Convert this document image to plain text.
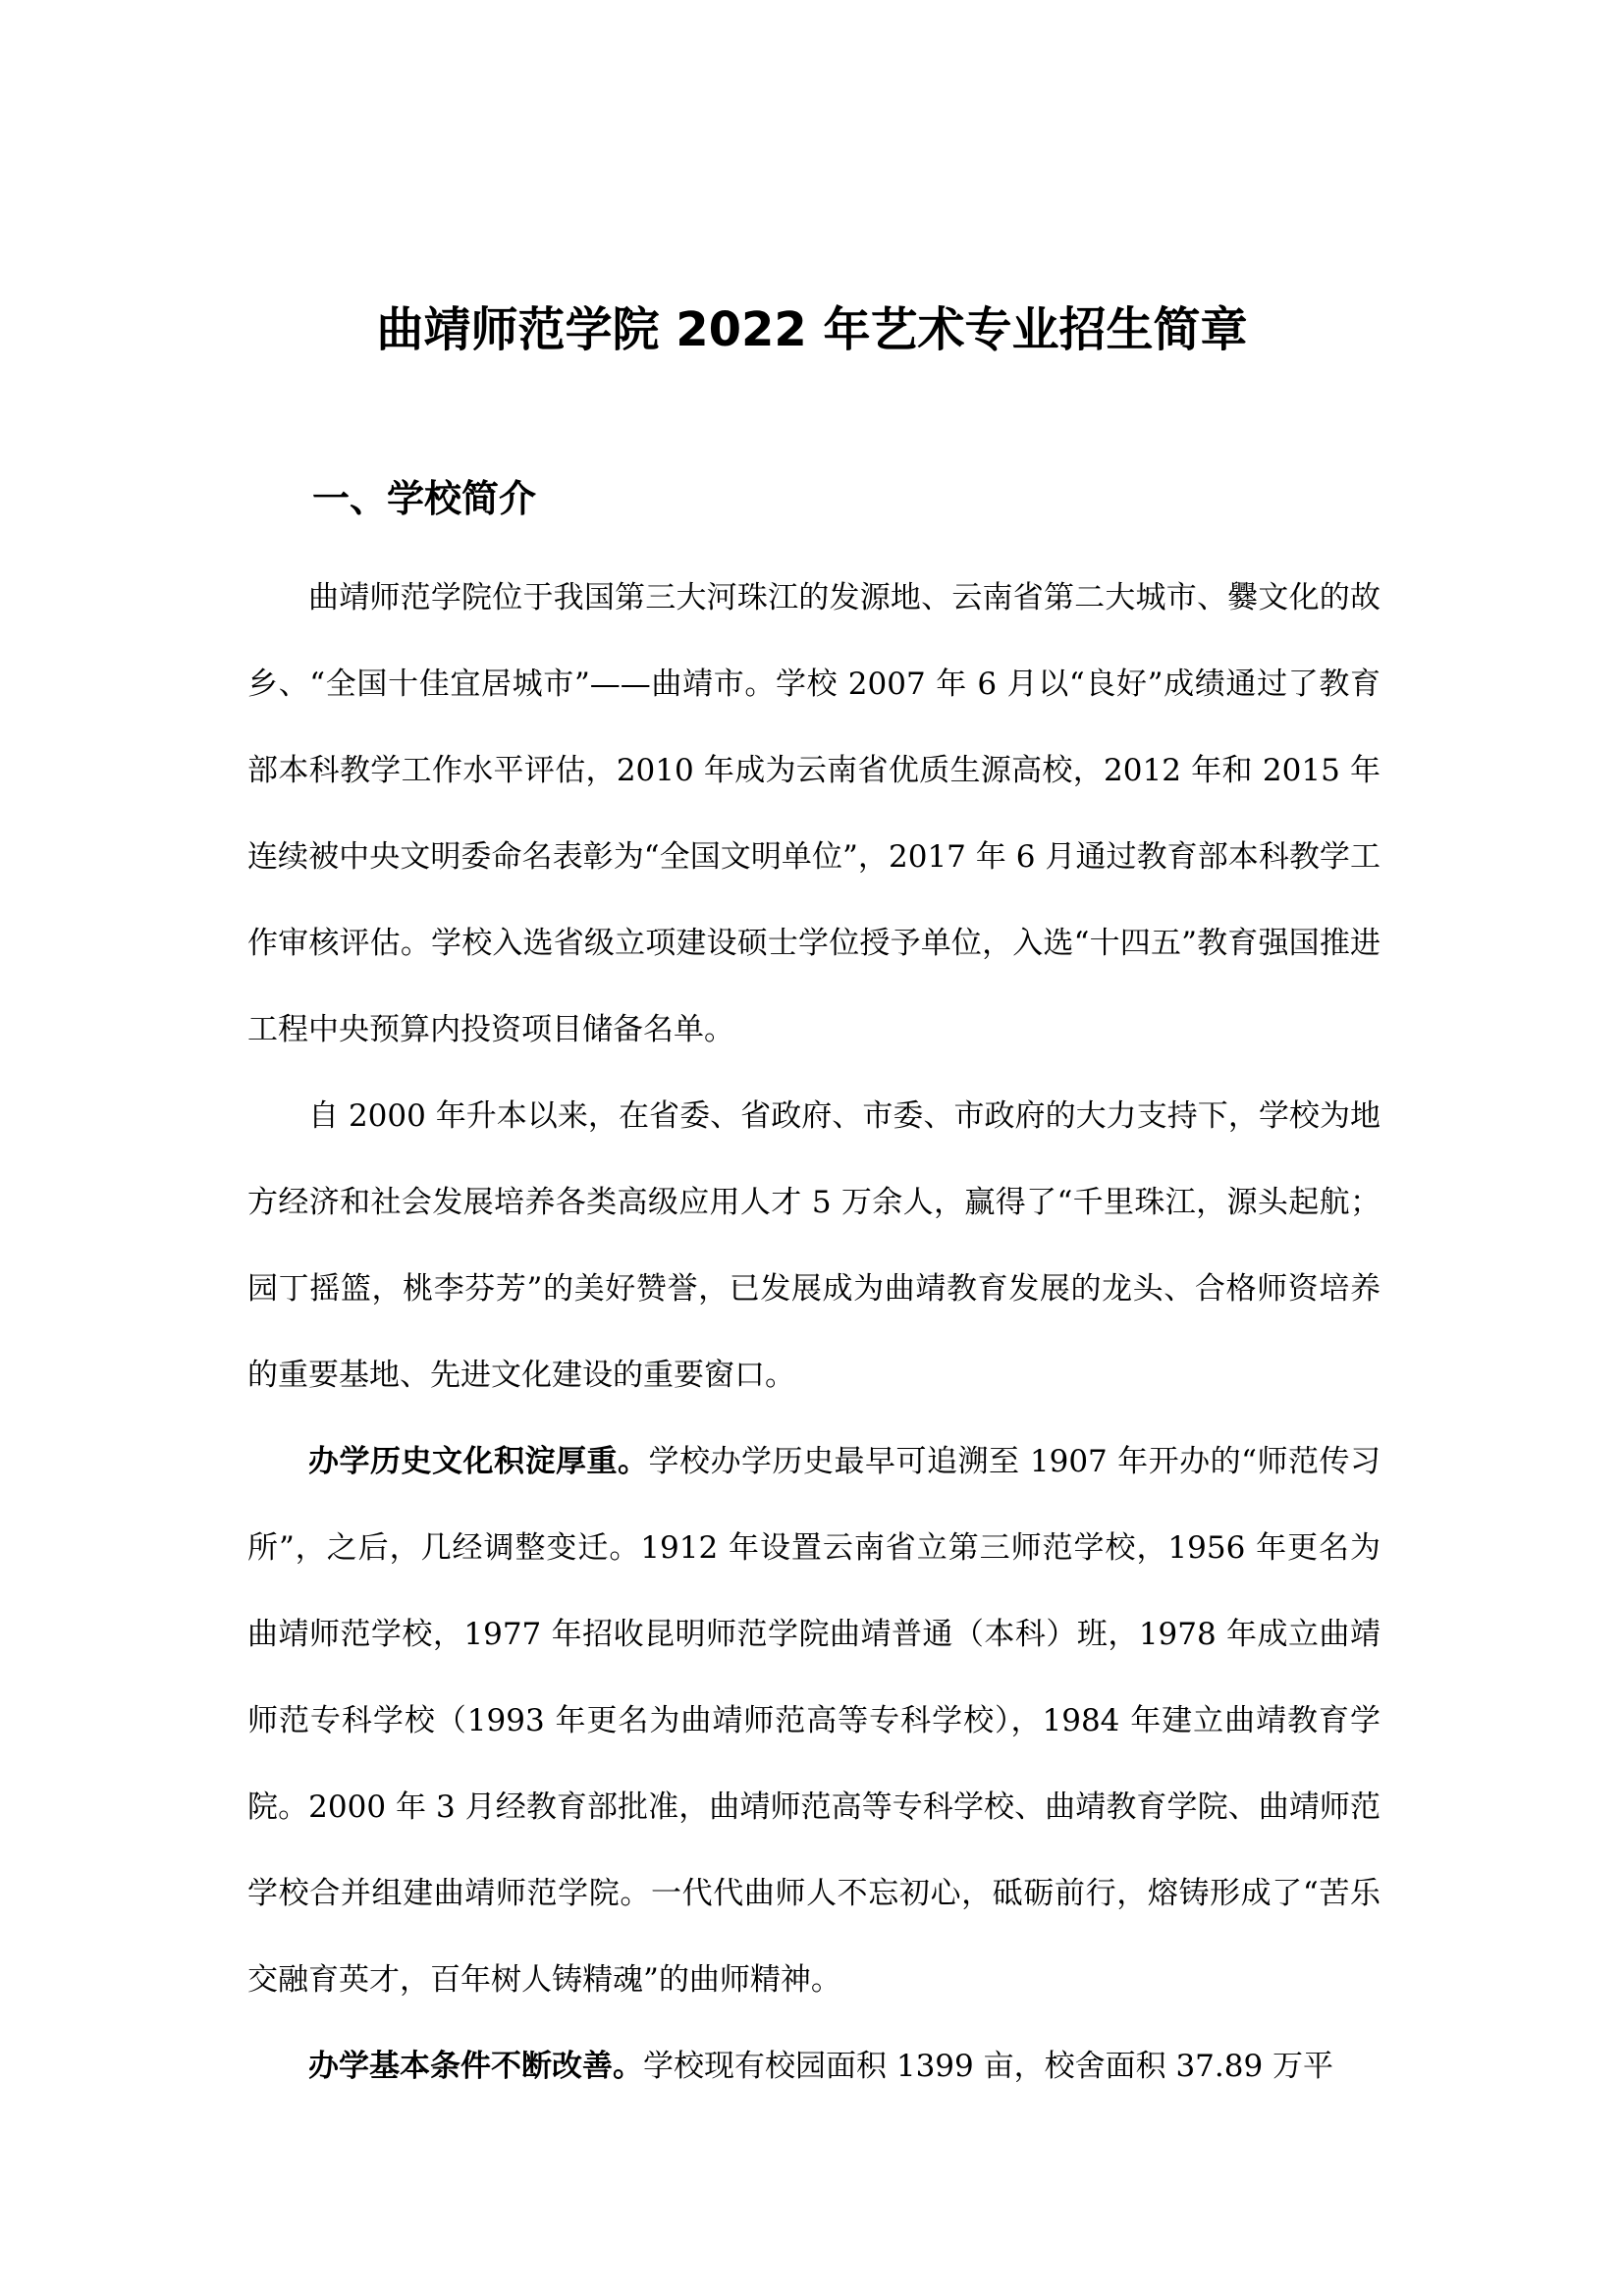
曲靖师范学院 2022 年艺术专业招生简章
一、学校简介

曲靖师范学院位于我国第三大河珠江的发源地、云南省第二大城市、爨文化的故乡、“全国十佳宜居城市”——曲靖市。学校 2007 年 6 月以“良好”成绩通过了教育部本科教学工作水平评估，2010 年成为云南省优质生源高校，2012 年和 2015 年连续被中央文明委命名表彰为“全国文明单位”，2017 年 6 月通过教育部本科教学工作审核评估。学校入选省级立项建设硕士学位授予单位，入选“十四五”教育强国推进工程中央预算内投资项目储备名单。

自 2000 年升本以来，在省委、省政府、市委、市政府的大力支持下，学校为地方经济和社会发展培养各类高级应用人才 5 万余人，赢得了“千里珠江，源头起航；园丁摇篮，桃李芬芳”的美好赞誉，已发展成为曲靖教育发展的龙头、合格师资培养的重要基地、先进文化建设的重要窗口。

办学历史文化积淀厚重。学校办学历史最早可追溯至 1907 年开办的“师范传习所”，之后，几经调整变迁。1912 年设置云南省立第三师范学校，1956 年更名为曲靖师范学校，1977 年招收昆明师范学院曲靖普通（本科）班，1978 年成立曲靖师范专科学校（1993 年更名为曲靖师范高等专科学校），1984 年建立曲靖教育学院。2000 年 3 月经教育部批准，曲靖师范高等专科学校、曲靖教育学院、曲靖师范学校合并组建曲靖师范学院。一代代曲师人不忘初心，砥砺前行，熔铸形成了“苦乐交融育英才，百年树人铸精魂”的曲师精神。

办学基本条件不断改善。学校现有校园面积 1399 亩，校舍面积 37.89 万平
